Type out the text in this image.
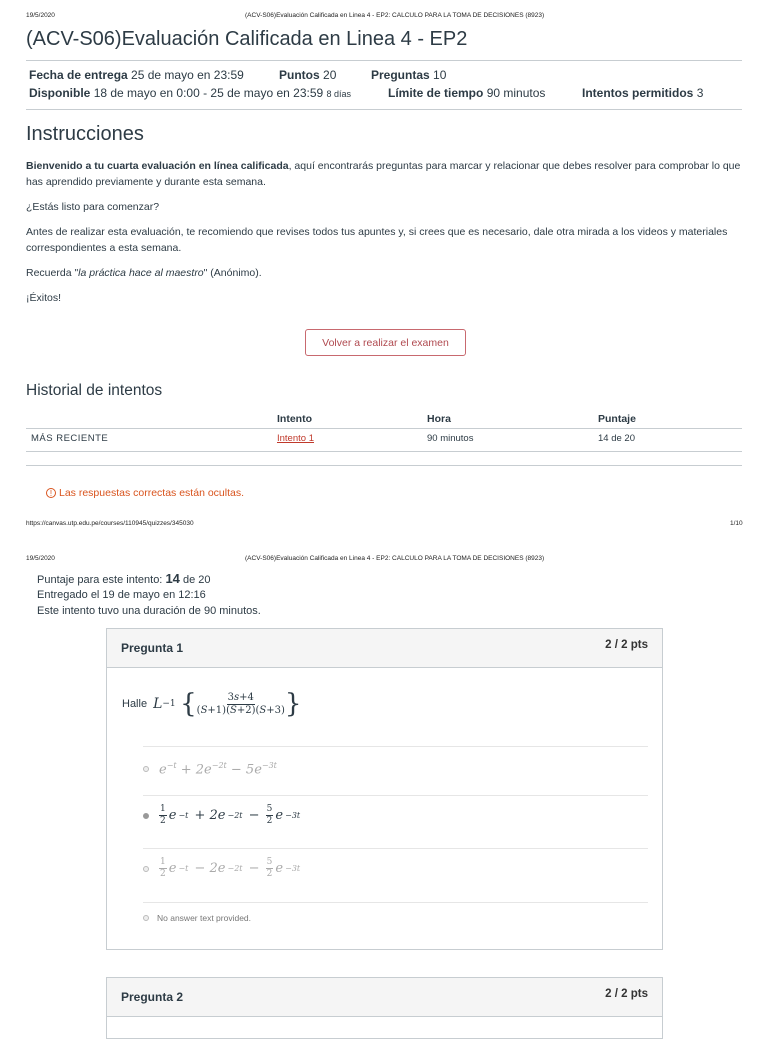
19/5/2020	(ACV-S06)Evaluación Calificada en Linea 4 - EP2: CALCULO PARA LA TOMA DE DECISIONES (8923)
(ACV-S06)Evaluación Calificada en Linea 4 - EP2
Fecha de entrega 25 de mayo en 23:59	Puntos 20	Preguntas 10
Disponible 18 de mayo en 0:00 - 25 de mayo en 23:59 8 días	Límite de tiempo 90 minutos	Intentos permitidos 3
Instrucciones
Bienvenido a tu cuarta evaluación en línea calificada, aquí encontrarás preguntas para marcar y relacionar que debes resolver para comprobar lo que has aprendido previamente y durante esta semana.
¿Estás listo para comenzar?
Antes de realizar esta evaluación, te recomiendo que revises todos tus apuntes y, si crees que es necesario, dale otra mirada a los videos y materiales correspondientes a esta semana.
Recuerda "la práctica hace al maestro" (Anónimo).
¡Éxitos!
Volver a realizar el examen
Historial de intentos
Intento	Hora	Puntaje
MÁS RECIENTE	Intento 1	90 minutos	14 de 20
! Las respuestas correctas están ocultas.
https://canvas.utp.edu.pe/courses/110945/quizzes/345030	1/10
19/5/2020	(ACV-S06)Evaluación Calificada en Linea 4 - EP2: CALCULO PARA LA TOMA DE DECISIONES (8923)
Puntaje para este intento: 14 de 20
Entregado el 19 de mayo en 12:16
Este intento tuvo una duración de 90 minutos.
Pregunta 1	2 / 2 pts
Halle L −1
{ $\frac{3s+4}{(S+1)(S+2)(S+3)}$ }
$e^{-t} + 2e^{-2t} - 5e^{-3t}$
$\frac{1}{2}$ $e -t + 2e -2t - \frac{5}{2}$ e −3t
$\frac{1}{2}$ $e -t - 2e -2t - \frac{5}{2}$ e −3t
No answer text provided.
Pregunta 2	2 / 2 pts
